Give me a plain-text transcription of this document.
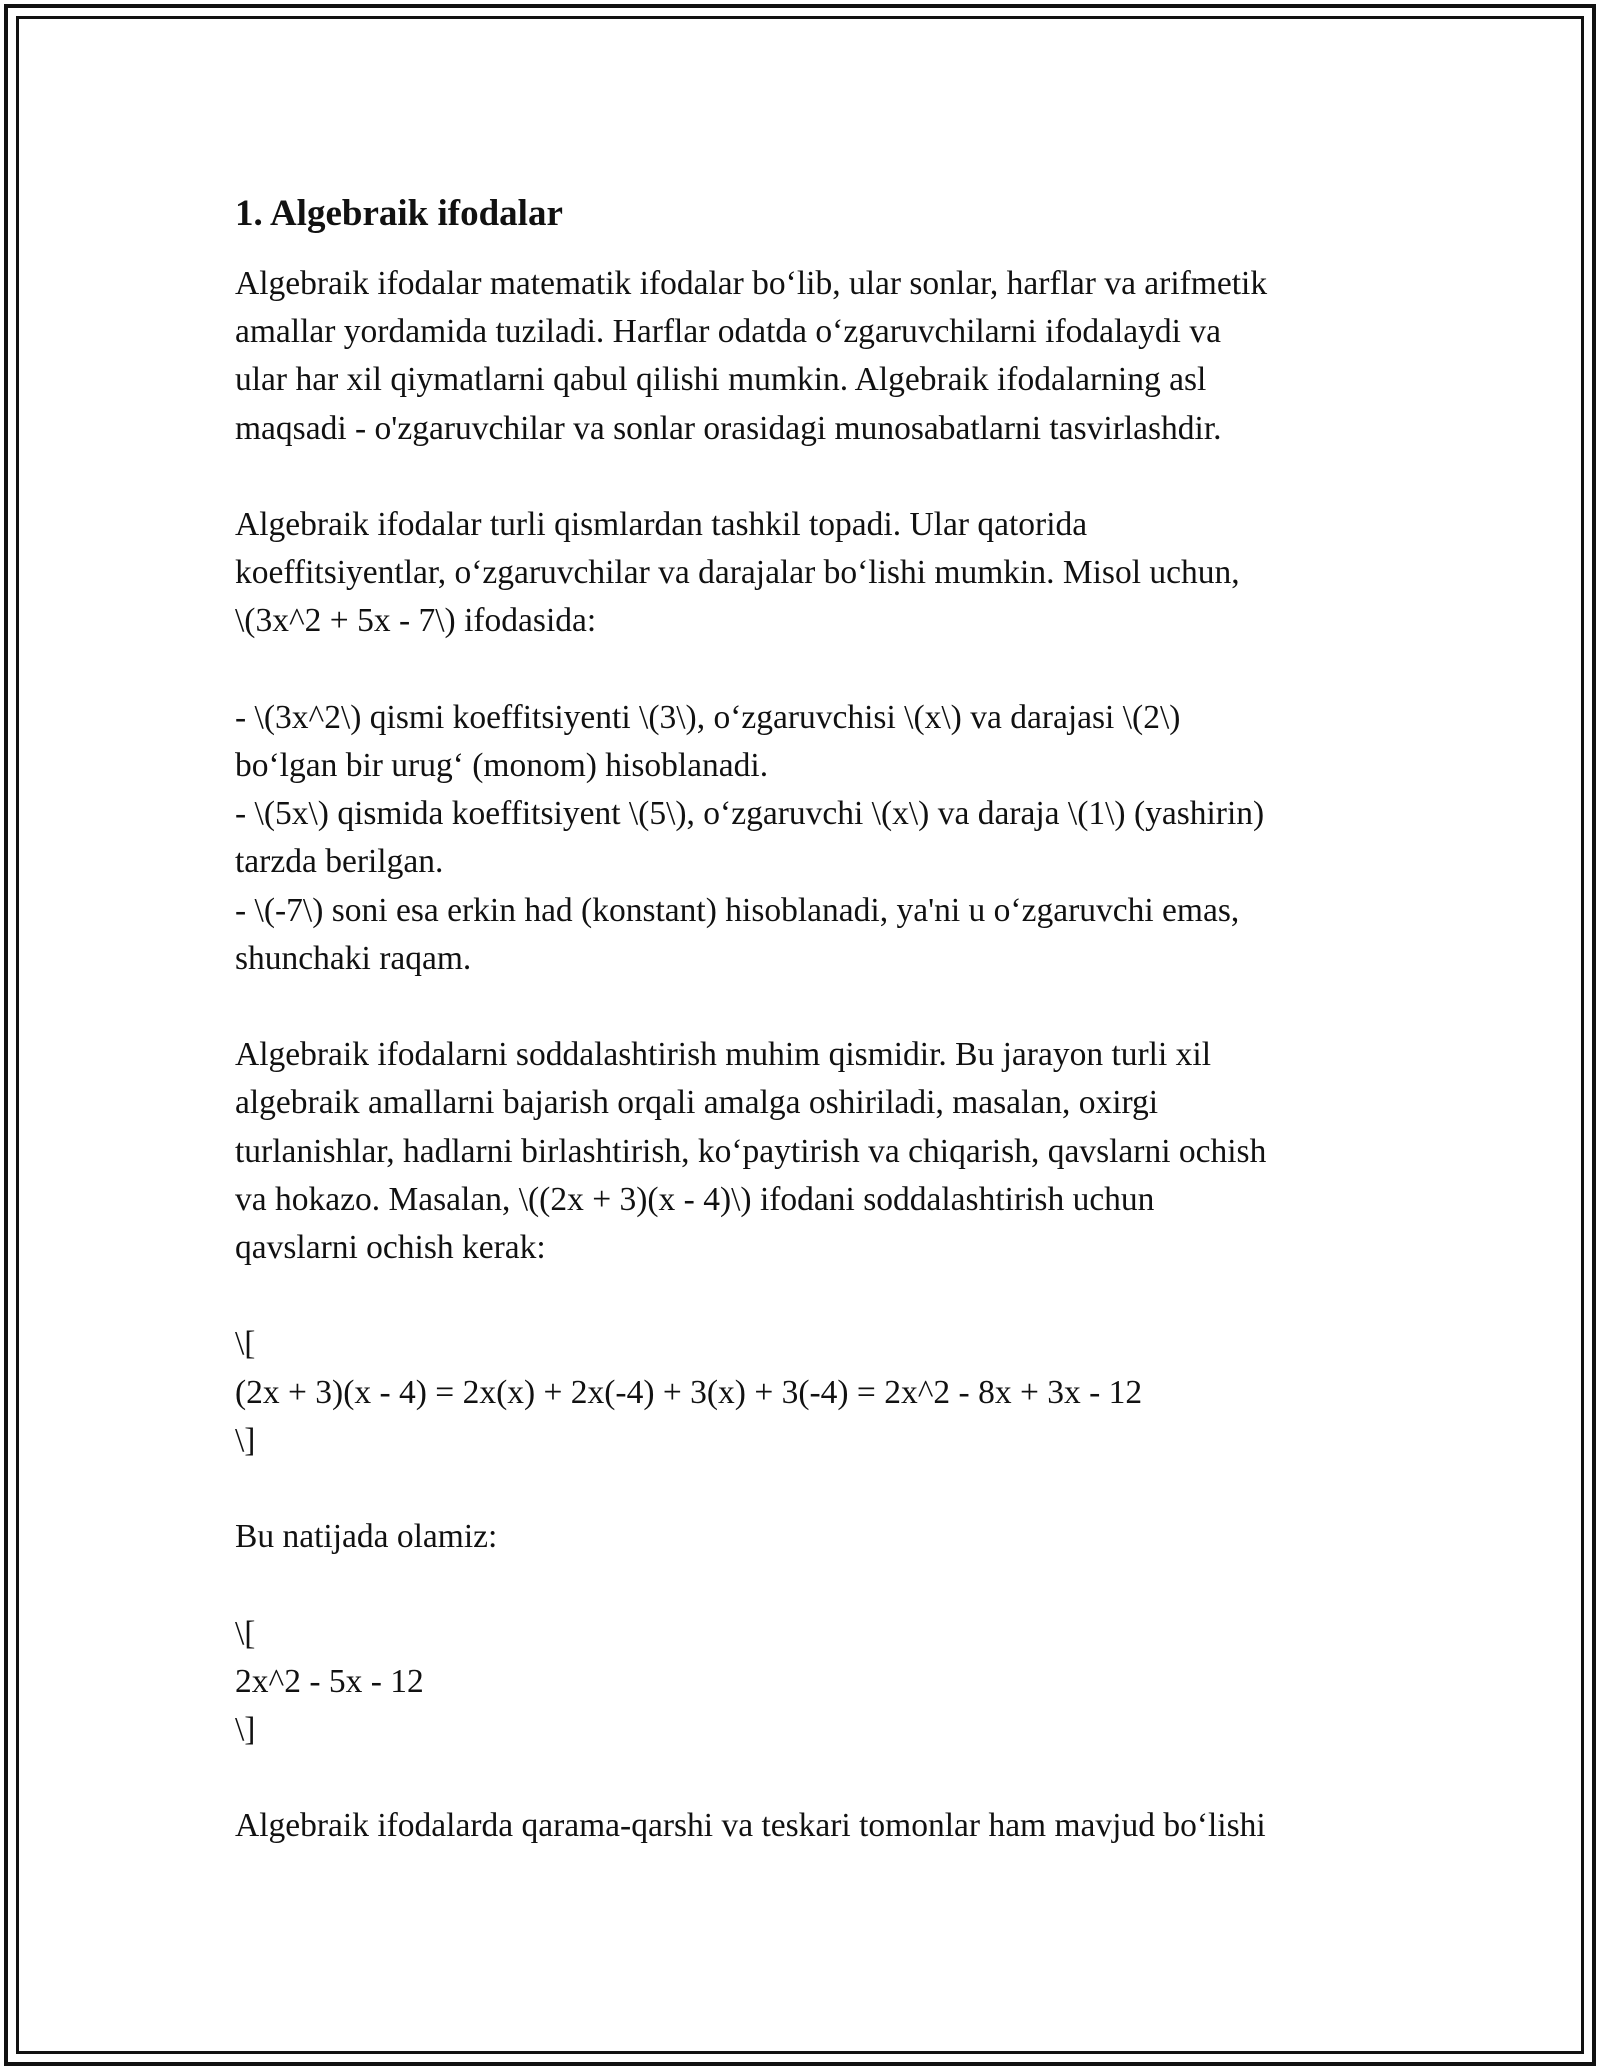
1. Algebraik ifodalar

Algebraik ifodalar matematik ifodalar bo‘lib, ular sonlar, harflar va arifmetik
amallar yordamida tuziladi. Harflar odatda o‘zgaruvchilarni ifodalaydi va
ular har xil qiymatlarni qabul qilishi mumkin. Algebraik ifodalarning asl
maqsadi - o'zgaruvchilar va sonlar orasidagi munosabatlarni tasvirlashdir.

Algebraik ifodalar turli qismlardan tashkil topadi. Ular qatorida
koeffitsiyentlar, o‘zgaruvchilar va darajalar bo‘lishi mumkin. Misol uchun,
\(3x^2 + 5x - 7\) ifodasida:

- \(3x^2\) qismi koeffitsiyenti \(3\), o‘zgaruvchisi \(x\) va darajasi \(2\)
bo‘lgan bir urug‘ (monom) hisoblanadi.
- \(5x\) qismida koeffitsiyent \(5\), o‘zgaruvchi \(x\) va daraja \(1\) (yashirin)
tarzda berilgan.
- \(-7\) soni esa erkin had (konstant) hisoblanadi, ya'ni u o‘zgaruvchi emas,
shunchaki raqam.

Algebraik ifodalarni soddalashtirish muhim qismidir. Bu jarayon turli xil
algebraik amallarni bajarish orqali amalga oshiriladi, masalan, oxirgi
turlanishlar, hadlarni birlashtirish, ko‘paytirish va chiqarish, qavslarni ochish
va hokazo. Masalan, \((2x + 3)(x - 4)\) ifodani soddalashtirish uchun
qavslarni ochish kerak:

\[
(2x + 3)(x - 4) = 2x(x) + 2x(-4) + 3(x) + 3(-4) = 2x^2 - 8x + 3x - 12
\]

Bu natijada olamiz:

\[
2x^2 - 5x - 12
\]

Algebraik ifodalarda qarama-qarshi va teskari tomonlar ham mavjud bo‘lishi
